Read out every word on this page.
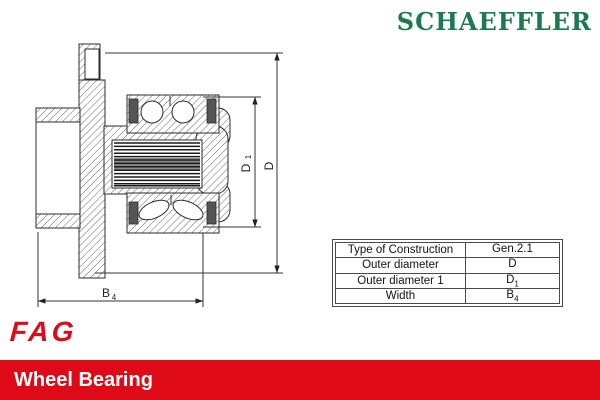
SCHAEFFLER
D
D
1
B 4
Type of Construction	Gen.2.1
Outer diameter	D
Outer diameter 1	$D_1$
Width	$B_4$
FAG
Wheel Bearing
